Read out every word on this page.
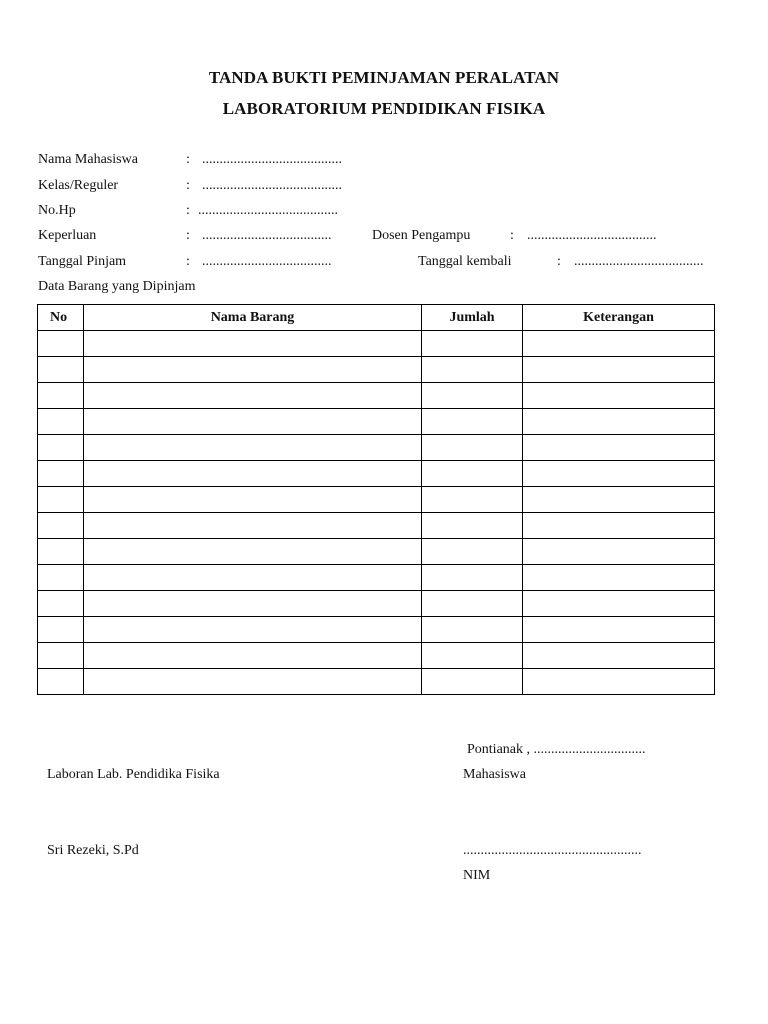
TANDA BUKTI PEMINJAMAN PERALATAN
LABORATORIUM PENDIDIKAN FISIKA
Nama Mahasiswa	: ........................................
Kelas/Reguler	: ........................................
No.Hp	: ........................................
Keperluan	: .....................................	Dosen Pengampu	: .....................................
Tanggal Pinjam	: .....................................	Tanggal kembali	: .....................................
Data Barang yang Dipinjam
No	Nama Barang	Jumlah	Keterangan

Pontianak , ................................
Laboran Lab. Pendidika Fisika	Mahasiswa
Sri Rezeki, S.Pd	...................................................
NIM
